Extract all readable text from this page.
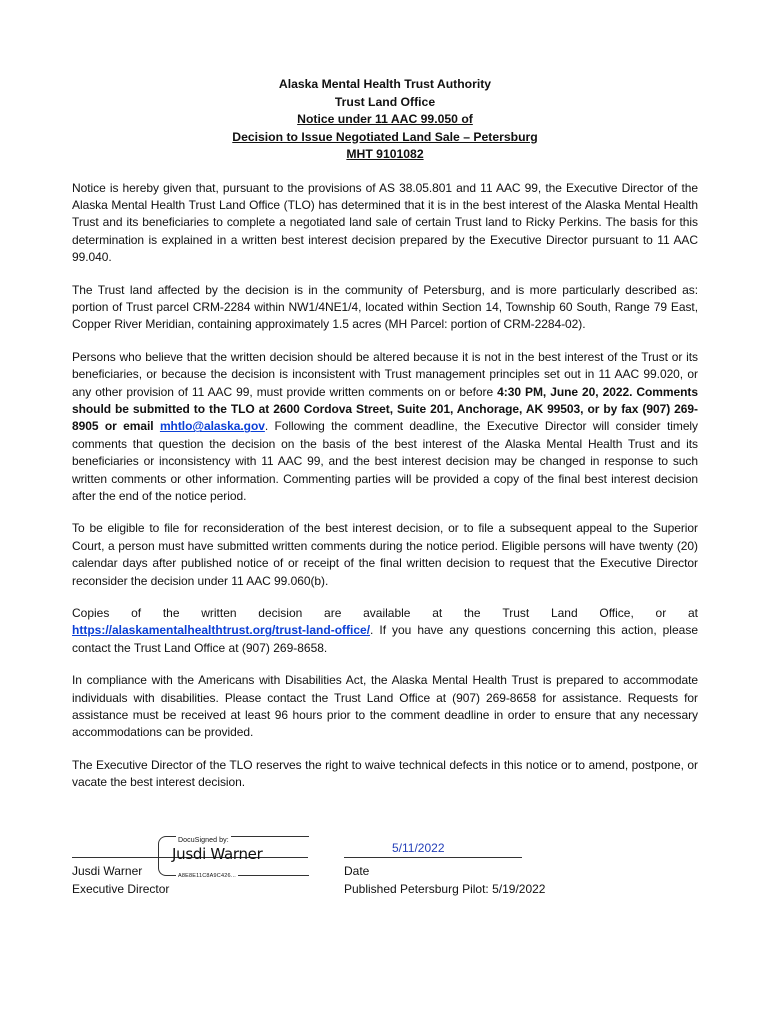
Alaska Mental Health Trust Authority
Trust Land Office
Notice under 11 AAC 99.050 of
Decision to Issue Negotiated Land Sale – Petersburg
MHT 9101082

Notice is hereby given that, pursuant to the provisions of AS 38.05.801 and 11 AAC 99, the Executive Director of the Alaska Mental Health Trust Land Office (TLO) has determined that it is in the best interest of the Alaska Mental Health Trust and its beneficiaries to complete a negotiated land sale of certain Trust land to Ricky Perkins. The basis for this determination is explained in a written best interest decision prepared by the Executive Director pursuant to 11 AAC 99.040.

The Trust land affected by the decision is in the community of Petersburg, and is more particularly described as: portion of Trust parcel CRM-2284 within NW1/4NE1/4, located within Section 14, Township 60 South, Range 79 East, Copper River Meridian, containing approximately 1.5 acres (MH Parcel: portion of CRM-2284-02).

Persons who believe that the written decision should be altered because it is not in the best interest of the Trust or its beneficiaries, or because the decision is inconsistent with Trust management principles set out in 11 AAC 99.020, or any other provision of 11 AAC 99, must provide written comments on or before 4:30 PM, June 20, 2022. Comments should be submitted to the TLO at 2600 Cordova Street, Suite 201, Anchorage, AK 99503, or by fax (907) 269-8905 or email mhtlo@alaska.gov. Following the comment deadline, the Executive Director will consider timely comments that question the decision on the basis of the best interest of the Alaska Mental Health Trust and its beneficiaries or inconsistency with 11 AAC 99, and the best interest decision may be changed in response to such written comments or other information. Commenting parties will be provided a copy of the final best interest decision after the end of the notice period.

To be eligible to file for reconsideration of the best interest decision, or to file a subsequent appeal to the Superior Court, a person must have submitted written comments during the notice period. Eligible persons will have twenty (20) calendar days after published notice of or receipt of the final written decision to request that the Executive Director reconsider the decision under 11 AAC 99.060(b).

Copies of the written decision are available at the Trust Land Office, or at
https://alaskamentalhealthtrust.org/trust-land-office/. If you have any questions concerning this action, please contact the Trust Land Office at (907) 269-8658.

In compliance with the Americans with Disabilities Act, the Alaska Mental Health Trust is prepared to accommodate individuals with disabilities. Please contact the Trust Land Office at (907) 269-8658 for assistance. Requests for assistance must be received at least 96 hours prior to the comment deadline in order to ensure that any necessary accommodations can be provided.

The Executive Director of the TLO reserves the right to waive technical defects in this notice or to amend, postpone, or vacate the best interest decision.

DocuSigned by:
Jusdi Warner
A8E8E11C8A9C426...
5/11/2022
Jusdi Warner
Executive Director
Date
Published Petersburg Pilot: 5/19/2022
